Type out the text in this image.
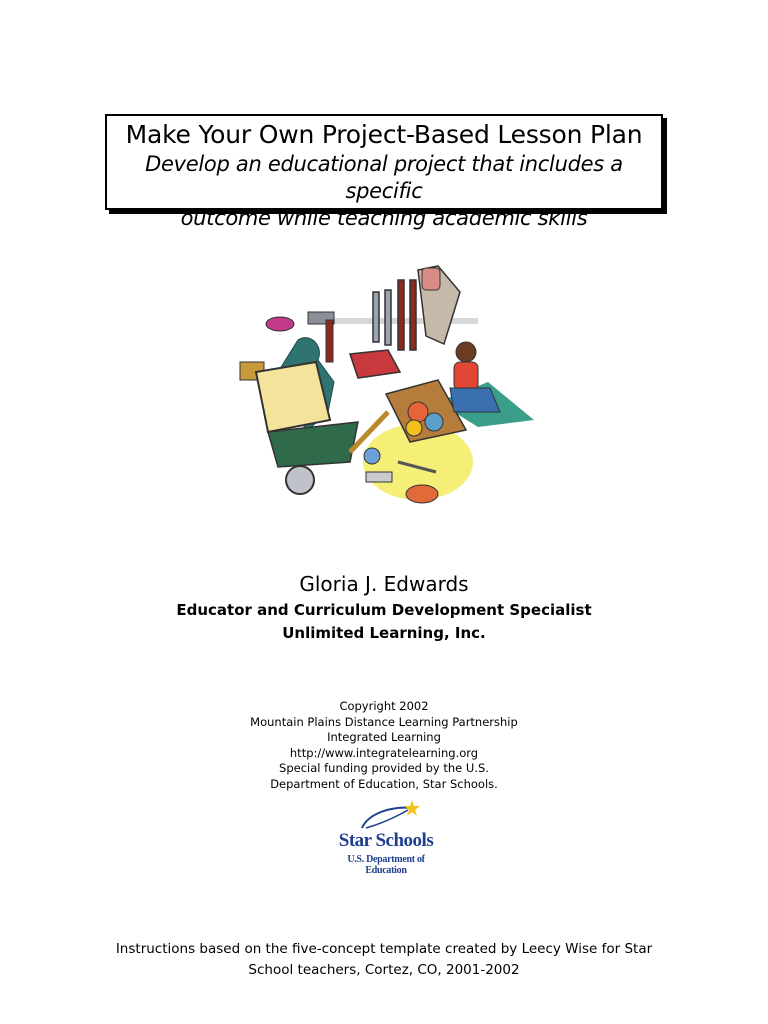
Make Your Own Project-Based Lesson Plan
Develop an educational project that includes a specific
outcome while teaching academic skills
Gloria J. Edwards
Educator and Curriculum Development Specialist
Unlimited Learning, Inc.
Copyright 2002
Mountain Plains Distance Learning Partnership
Integrated Learning
http://www.integratelearning.org
Special funding provided by the U.S.
Department of Education, Star Schools.
Star Schools
U.S. Department of Education
Instructions based on the five-concept template created by Leecy Wise for Star
School teachers, Cortez, CO, 2001-2002
